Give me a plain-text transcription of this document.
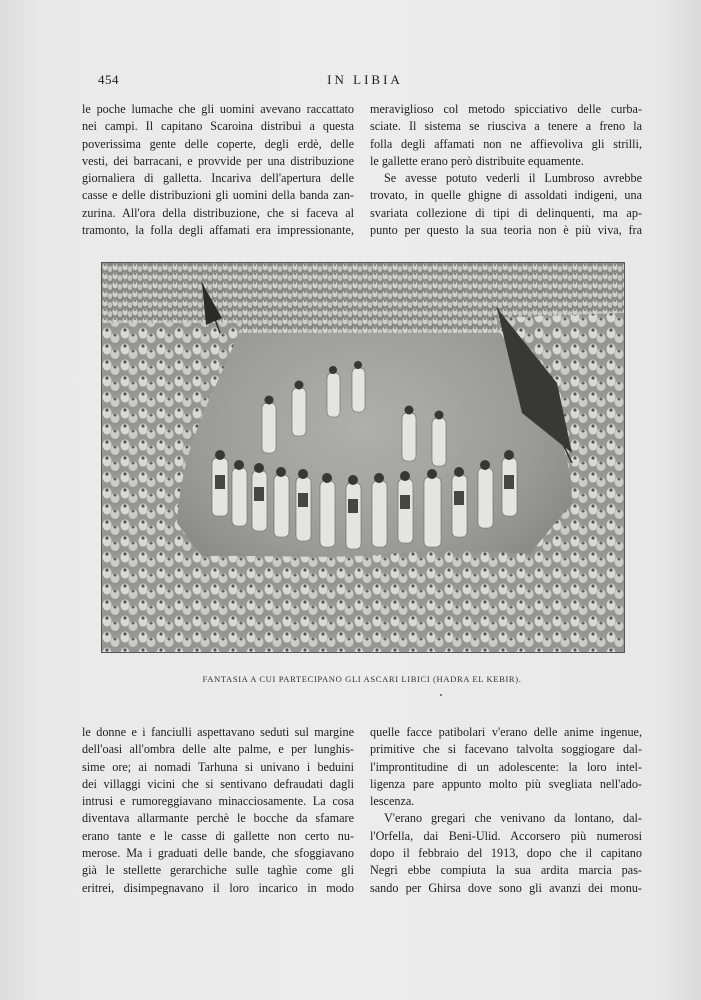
454	IN LIBIA
le poche lumache che gli uomini avevano raccattato
nei campi. Il capitano Scaroina distribuì a questa
poverissima gente delle coperte, degli erdè, delle
vesti, dei barracani, e provvide per una distribuzione
giornaliera di galletta. Incariva dell'apertura delle
casse e delle distribuzioni gli uomini della banda zan-
zurina. All'ora della distribuzione, che si faceva al
tramonto, la folla degli affamati era impressionante,
meraviglioso col metodo spicciativo delle curba-
sciate. Il sistema se riusciva a tenere a freno la
folla degli affamati non ne affievoliva gli strilli,
le gallette erano però distribuite equamente.
Se avesse potuto vederli il Lumbroso avrebbe
trovato, in quelle ghigne di assoldati indigeni, una
svariata collezione di tipi di delinquenti, ma ap-
punto per questo la sua teoria non è più viva, fra
FANTASIA A CUI PARTECIPANO GLI ASCARI LIBICI (HADRA EL KEBIR).
le donne e i fanciulli aspettavano seduti sul margine
dell'oasi all'ombra delle alte palme, e per lunghis-
sime ore; ai nomadi Tarhuna si univano i beduini
dei villaggi vicini che si sentivano defraudati dagli
intrusi e rumoreggiavano minacciosamente. La cosa
diventava allarmante perchè le bocche da sfamare
erano tante e le casse di gallette non certo nu-
merose. Ma i graduati delle bande, che sfoggiavano
già le stellette gerarchiche sulle taghìe come gli
eritrei, disimpegnavano il loro incarico in modo
quelle facce patibolari v'erano delle anime ingenue,
primitive che si facevano talvolta soggiogare dal-
l'improntitudine di un adolescente: la loro intel-
ligenza pare appunto molto più svegliata nell'ado-
lescenza.
V'erano gregari che venivano da lontano, dal-
l'Orfella, dai Beni-Ulid. Accorsero più numerosi
dopo il febbraio del 1913, dopo che il capitano
Negri ebbe compiuta la sua ardita marcia pas-
sando per Ghirsa dove sono gli avanzi dei monu-
